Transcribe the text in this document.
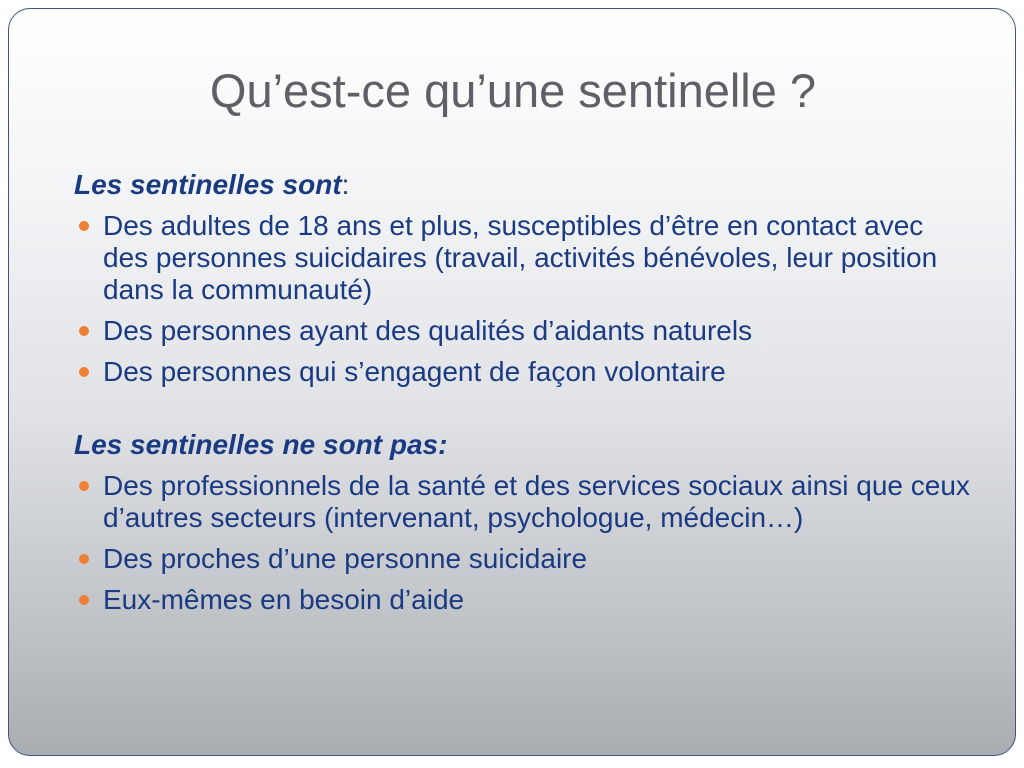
Qu’est-ce qu’une sentinelle ?

Les sentinelles sont:

Des adultes de 18 ans et plus, susceptibles d’être en contact avec des personnes suicidaires (travail, activités bénévoles, leur position dans la communauté)
Des personnes ayant des qualités d’aidants naturels
Des personnes qui s’engagent de façon volontaire

Les sentinelles ne sont pas:

Des professionnels de la santé et des services sociaux ainsi que ceux d’autres secteurs (intervenant, psychologue, médecin…)
Des proches d’une personne suicidaire
Eux-mêmes en besoin d’aide
